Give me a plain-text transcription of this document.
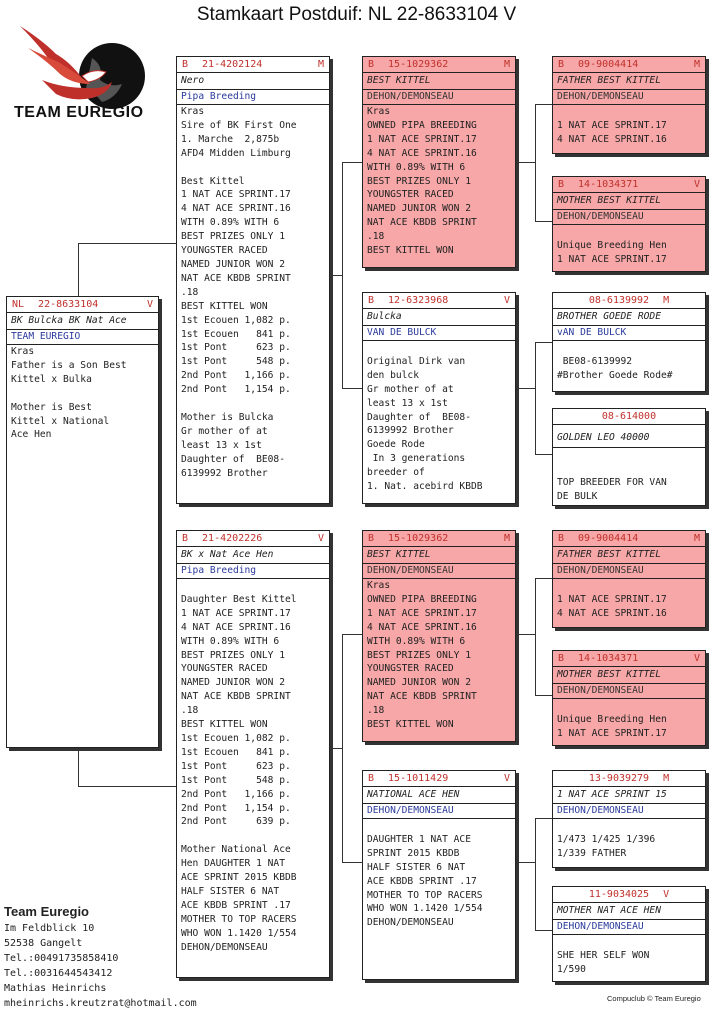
Stamkaart Postduif: NL 22-8633104 V
TEAM EUREGIO
NL 22-8633104	V
BK Bulcka BK Nat Ace
TEAM EUREGIO
Kras
Father is a Son Best
Kittel x Bulka

Mother is Best
Kittel x National
Ace Hen
B 21-4202124	M
Nero
Pipa Breeding
Kras
Sire of BK First One
1. Marche  2,875b
AFD4 Midden Limburg

Best Kittel
1 NAT ACE SPRINT.17
4 NAT ACE SPRINT.16
WITH 0.89% WITH 6
BEST PRIZES ONLY 1
YOUNGSTER RACED
NAMED JUNIOR WON 2
NAT ACE KBDB SPRINT
.18
BEST KITTEL WON
1st Ecouen 1,082 p.
1st Ecouen   841 p.
1st Pont     623 p.
1st Pont     548 p.
2nd Pont   1,166 p.
2nd Pont   1,154 p.

Mother is Bulcka
Gr mother of at
least 13 x 1st
Daughter of  BE08-
6139992 Brother
B 21-4202226	V
BK x Nat Ace Hen
Pipa Breeding

Daughter Best Kittel
1 NAT ACE SPRINT.17
4 NAT ACE SPRINT.16
WITH 0.89% WITH 6
BEST PRIZES ONLY 1
YOUNGSTER RACED
NAMED JUNIOR WON 2
NAT ACE KBDB SPRINT
.18
BEST KITTEL WON
1st Ecouen 1,082 p.
1st Ecouen   841 p.
1st Pont     623 p.
1st Pont     548 p.
2nd Pont   1,166 p.
2nd Pont   1,154 p.
2nd Pont     639 p.

Mother National Ace
Hen DAUGHTER 1 NAT
ACE SPRINT 2015 KBDB
HALF SISTER 6 NAT
ACE KBDB SPRINT .17
MOTHER TO TOP RACERS
WHO WON 1.1420 1/554
DEHON/DEMONSEAU
B 15-1029362	M
BEST KITTEL
DEHON/DEMONSEAU
Kras
OWNED PIPA BREEDING
1 NAT ACE SPRINT.17
4 NAT ACE SPRINT.16
WITH 0.89% WITH 6
BEST PRIZES ONLY 1
YOUNGSTER RACED
NAMED JUNIOR WON 2
NAT ACE KBDB SPRINT
.18
BEST KITTEL WON
B 12-6323968	V
Bulcka
VAN DE BULCK

Original Dirk van
den bulck
Gr mother of at
least 13 x 1st
Daughter of  BE08-
6139992 Brother
Goede Rode
In 3 generations
breeder of
1. Nat. acebird KBDB
B 15-1029362	M
BEST KITTEL
DEHON/DEMONSEAU
Kras
OWNED PIPA BREEDING
1 NAT ACE SPRINT.17
4 NAT ACE SPRINT.16
WITH 0.89% WITH 6
BEST PRIZES ONLY 1
YOUNGSTER RACED
NAMED JUNIOR WON 2
NAT ACE KBDB SPRINT
.18
BEST KITTEL WON
B 15-1011429	V
NATIONAL ACE HEN
DEHON/DEMONSEAU

DAUGHTER 1 NAT ACE
SPRINT 2015 KBDB
HALF SISTER 6 NAT
ACE KBDB SPRINT .17
MOTHER TO TOP RACERS
WHO WON 1.1420 1/554
DEHON/DEMONSEAU
B 09-9004414	M
FATHER BEST KITTEL
DEHON/DEMONSEAU

1 NAT ACE SPRINT.17
4 NAT ACE SPRINT.16
B 14-1034371	V
MOTHER BEST KITTEL
DEHON/DEMONSEAU

Unique Breeding Hen
1 NAT ACE SPRINT.17
08-6139992 M
BROTHER GOEDE RODE
vAN DE BULCK

BE08-6139992
#Brother Goede Rode#
08-614000
GOLDEN LEO 40000

TOP BREEDER FOR VAN
DE BULK
B 09-9004414	M
FATHER BEST KITTEL
DEHON/DEMONSEAU

1 NAT ACE SPRINT.17
4 NAT ACE SPRINT.16
B 14-1034371	V
MOTHER BEST KITTEL
DEHON/DEMONSEAU

Unique Breeding Hen
1 NAT ACE SPRINT.17
13-9039279 M
1 NAT ACE SPRINT 15
DEHON/DEMONSEAU

1/473 1/425 1/396
1/339 FATHER
11-9034025 V
MOTHER NAT ACE HEN
DEHON/DEMONSEAU

SHE HER SELF WON
1/590
Team Euregio
Im Feldblick 10
52538 Gangelt
Tel.:00491735858410
Tel.:0031644543412
Mathias Heinrichs
mheinrichs.kreutzrat@hotmail.com	Compuclub © Team Euregio
